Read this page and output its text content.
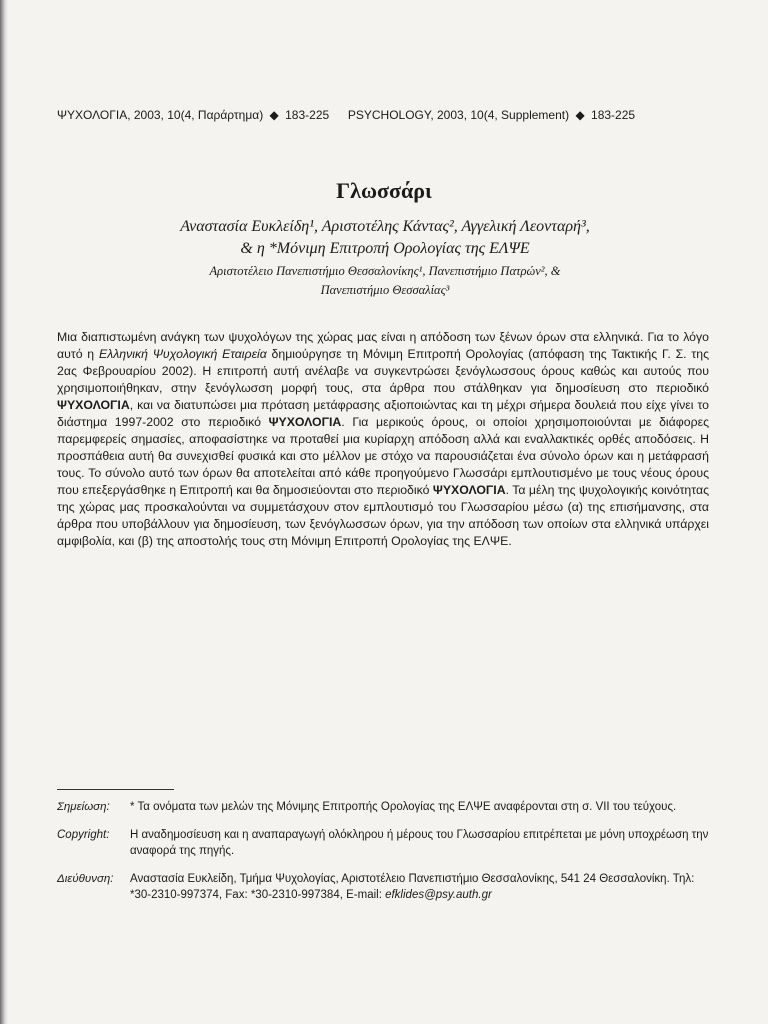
ΨΥΧΟΛΟΓΙΑ, 2003, 10(4, Παράρτημα) ◆ 183-225 PSYCHOLOGY, 2003, 10(4, Supplement) ◆ 183-225
Γλωσσάρι
Αναστασία Ευκλείδη¹, Αριστοτέλης Κάντας², Αγγελική Λεονταρή³,
& η *Μόνιμη Επιτροπή Ορολογίας της ΕΛΨΕ
Αριστοτέλειο Πανεπιστήμιο Θεσσαλονίκης¹, Πανεπιστήμιο Πατρών², &
Πανεπιστήμιο Θεσσαλίας³
Μια διαπιστωμένη ανάγκη των ψυχολόγων της χώρας μας είναι η απόδοση των ξένων όρων στα ελληνικά. Για το λόγο αυτό η Ελληνική Ψυχολογική Εταιρεία δημιούργησε τη Μόνιμη Επιτροπή Ορολογίας (απόφαση της Τακτικής Γ. Σ. της 2ας Φεβρουαρίου 2002). Η επιτροπή αυτή ανέλαβε να συγκεντρώσει ξενόγλωσσους όρους καθώς και αυτούς που χρησιμοποιήθηκαν, στην ξενόγλωσση μορφή τους, στα άρθρα που στάλθηκαν για δημοσίευση στο περιοδικό ΨΥΧΟΛΟΓΙΑ, και να διατυπώσει μια πρόταση μετάφρασης αξιοποιώντας και τη μέχρι σήμερα δουλειά που είχε γίνει το διάστημα 1997-2002 στο περιοδικό ΨΥΧΟΛΟΓΙΑ. Για μερικούς όρους, οι οποίοι χρησιμοποιούνται με διάφορες παρεμφερείς σημασίες, αποφασίστηκε να προταθεί μια κυρίαρχη απόδοση αλλά και εναλλακτικές ορθές αποδόσεις. Η προσπάθεια αυτή θα συνεχισθεί φυσικά και στο μέλλον με στόχο να παρουσιάζεται ένα σύνολο όρων και η μετάφρασή τους. Το σύνολο αυτό των όρων θα αποτελείται από κάθε προηγούμενο Γλωσσάρι εμπλουτισμένο με τους νέους όρους που επεξεργάσθηκε η Επιτροπή και θα δημοσιεύονται στο περιοδικό ΨΥΧΟΛΟΓΙΑ. Τα μέλη της ψυχολογικής κοινότητας της χώρας μας προσκαλούνται να συμμετάσχουν στον εμπλουτισμό του Γλωσσαρίου μέσω (α) της επισήμανσης, στα άρθρα που υποβάλλουν για δημοσίευση, των ξενόγλωσσων όρων, για την απόδοση των οποίων στα ελληνικά υπάρχει αμφιβολία, και (β) της αποστολής τους στη Μόνιμη Επιτροπή Ορολογίας της ΕΛΨΕ.
Σημείωση:	* Τα ονόματα των μελών της Μόνιμης Επιτροπής Ορολογίας της ΕΛΨΕ αναφέρονται στη σ. VII του τεύχους.
Copyright:	Η αναδημοσίευση και η αναπαραγωγή ολόκληρου ή μέρους του Γλωσσαρίου επιτρέπεται με μόνη υποχρέωση την αναφορά της πηγής.
Διεύθυνση:	Αναστασία Ευκλείδη, Τμήμα Ψυχολογίας, Αριστοτέλειο Πανεπιστήμιο Θεσσαλονίκης, 541 24 Θεσσαλονίκη. Τηλ: *30-2310-997374, Fax: *30-2310-997384, E-mail: efklides@psy.auth.gr
